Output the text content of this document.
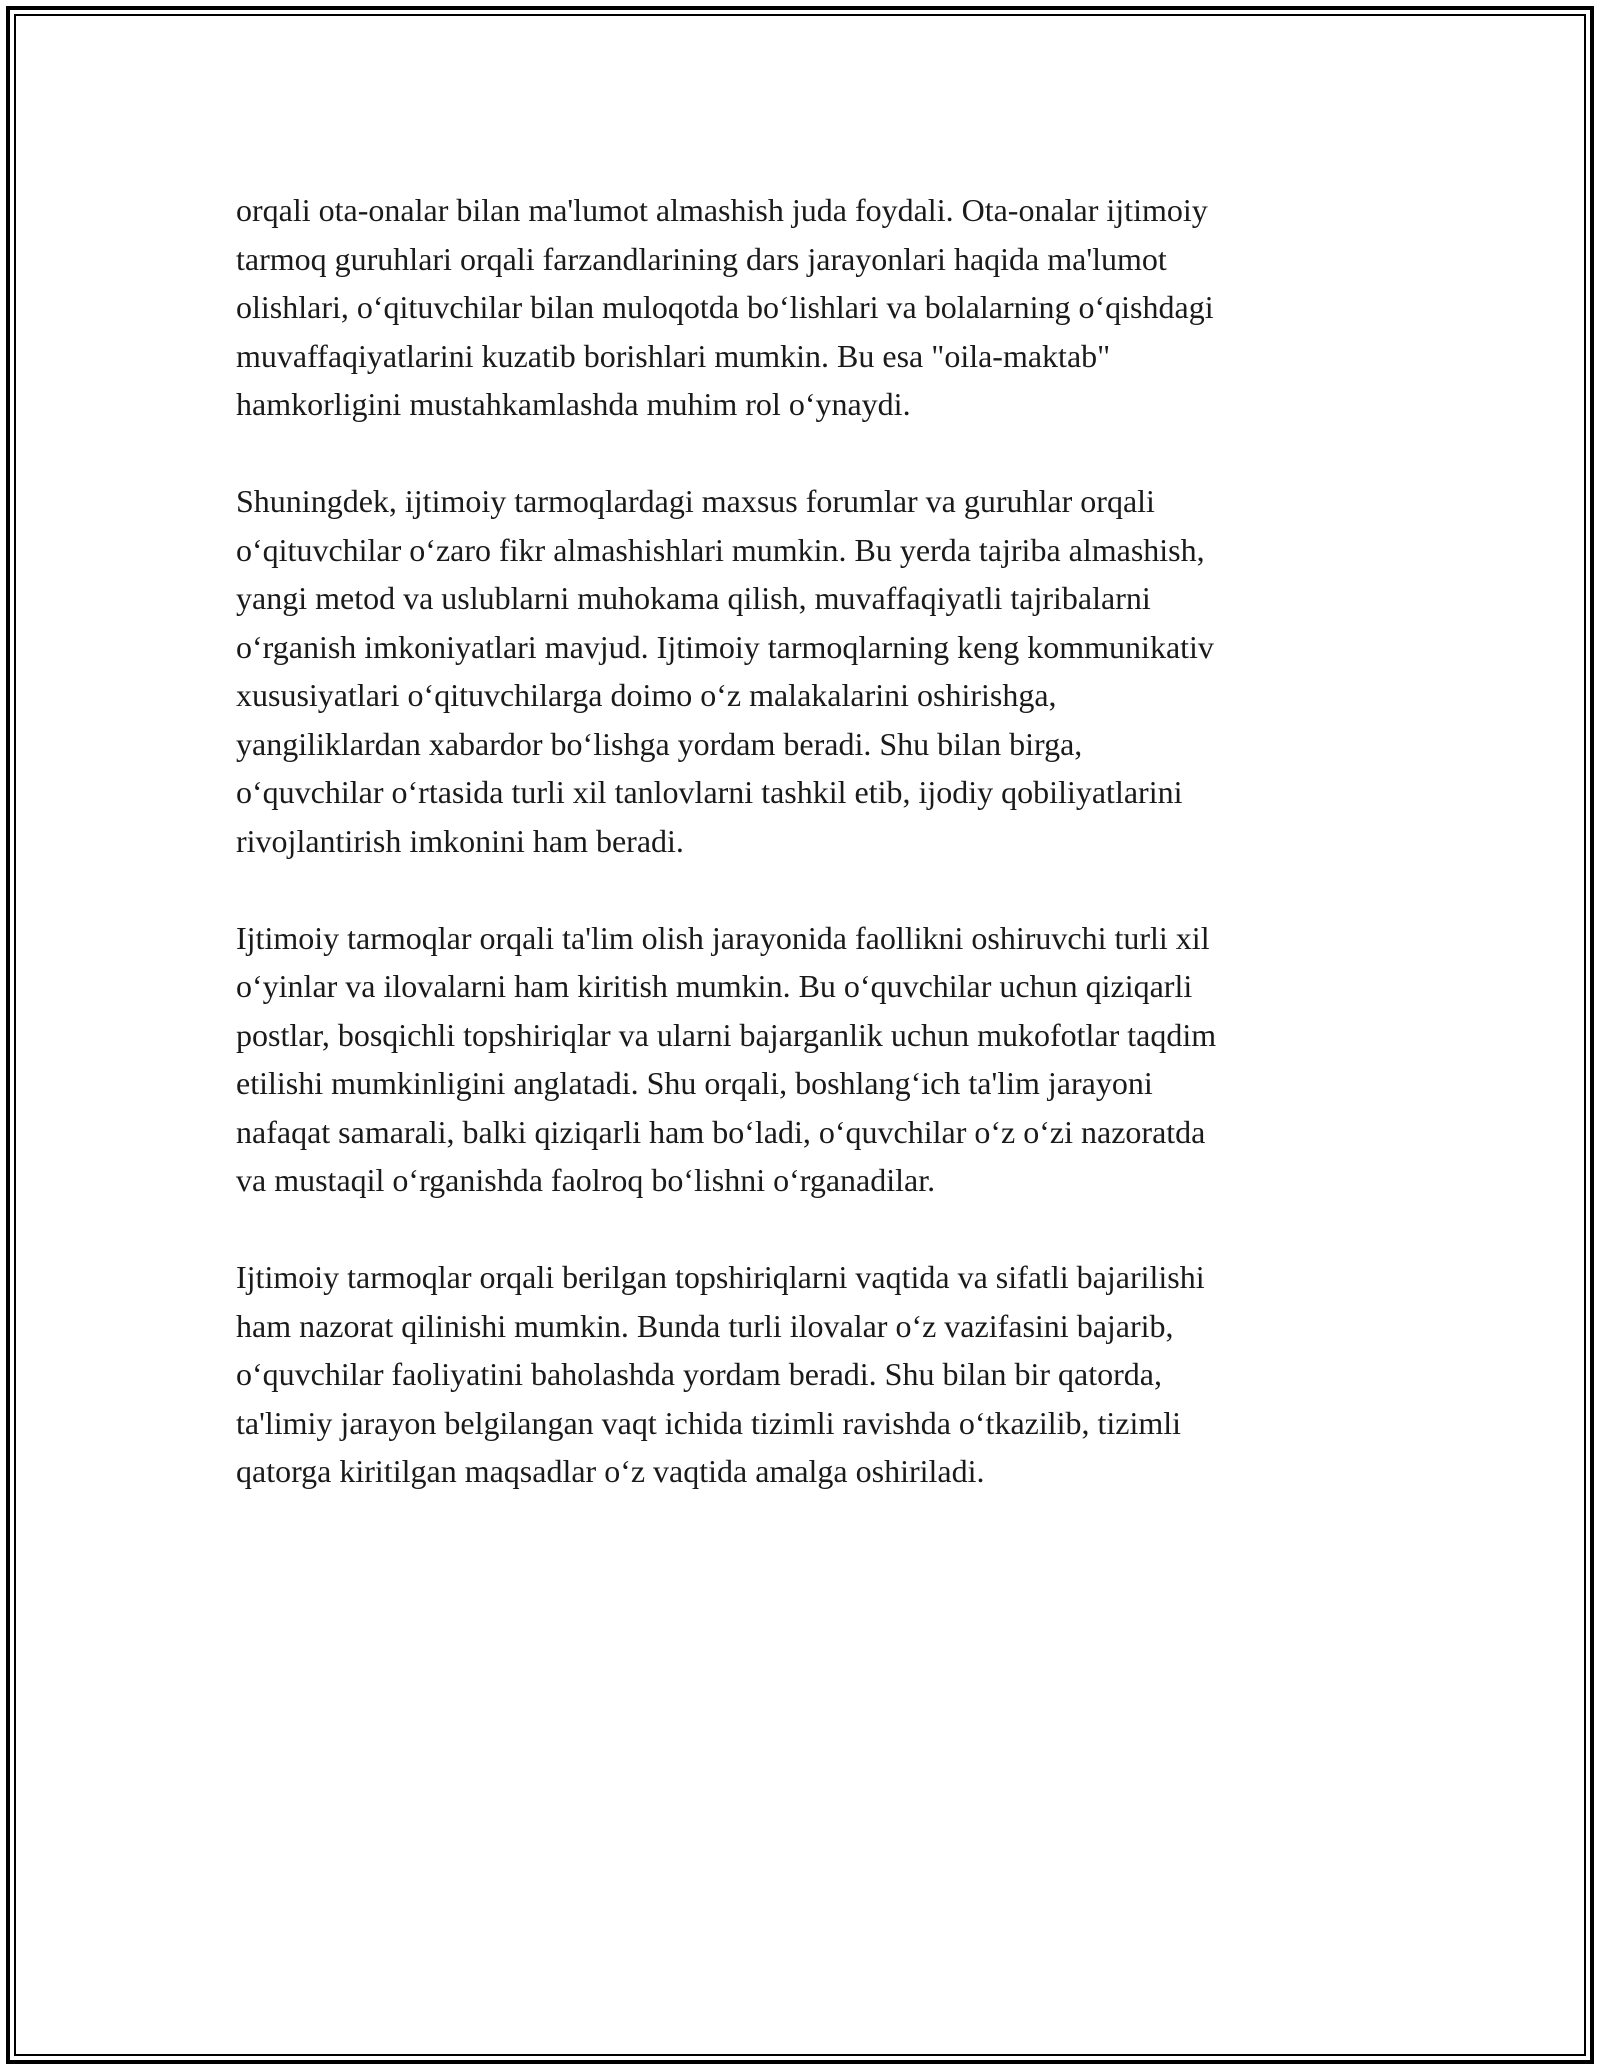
orqali ota-onalar bilan ma'lumot almashish juda foydali. Ota-onalar ijtimoiy
tarmoq guruhlari orqali farzandlarining dars jarayonlari haqida ma'lumot
olishlari, o‘qituvchilar bilan muloqotda bo‘lishlari va bolalarning o‘qishdagi
muvaffaqiyatlarini kuzatib borishlari mumkin. Bu esa "oila-maktab"
hamkorligini mustahkamlashda muhim rol o‘ynaydi.
Shuningdek, ijtimoiy tarmoqlardagi maxsus forumlar va guruhlar orqali
o‘qituvchilar o‘zaro fikr almashishlari mumkin. Bu yerda tajriba almashish,
yangi metod va uslublarni muhokama qilish, muvaffaqiyatli tajribalarni
o‘rganish imkoniyatlari mavjud. Ijtimoiy tarmoqlarning keng kommunikativ
xususiyatlari o‘qituvchilarga doimo o‘z malakalarini oshirishga,
yangiliklardan xabardor bo‘lishga yordam beradi. Shu bilan birga,
o‘quvchilar o‘rtasida turli xil tanlovlarni tashkil etib, ijodiy qobiliyatlarini
rivojlantirish imkonini ham beradi.
Ijtimoiy tarmoqlar orqali ta'lim olish jarayonida faollikni oshiruvchi turli xil
o‘yinlar va ilovalarni ham kiritish mumkin. Bu o‘quvchilar uchun qiziqarli
postlar, bosqichli topshiriqlar va ularni bajarganlik uchun mukofotlar taqdim
etilishi mumkinligini anglatadi. Shu orqali, boshlang‘ich ta'lim jarayoni
nafaqat samarali, balki qiziqarli ham bo‘ladi, o‘quvchilar o‘z o‘zi nazoratda
va mustaqil o‘rganishda faolroq bo‘lishni o‘rganadilar.
Ijtimoiy tarmoqlar orqali berilgan topshiriqlarni vaqtida va sifatli bajarilishi
ham nazorat qilinishi mumkin. Bunda turli ilovalar o‘z vazifasini bajarib,
o‘quvchilar faoliyatini baholashda yordam beradi. Shu bilan bir qatorda,
ta'limiy jarayon belgilangan vaqt ichida tizimli ravishda o‘tkazilib, tizimli
qatorga kiritilgan maqsadlar o‘z vaqtida amalga oshiriladi.
